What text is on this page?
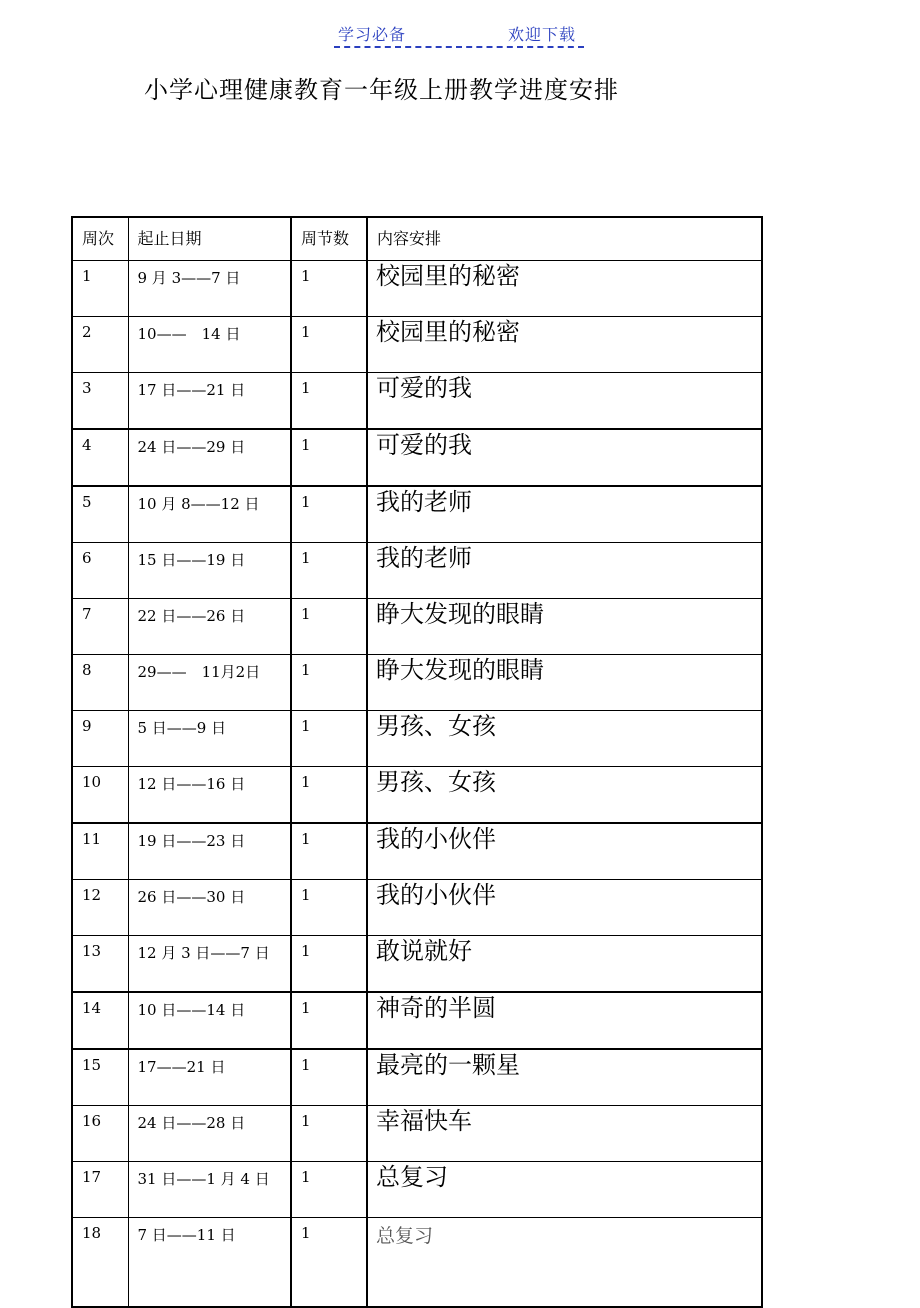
学习必备	欢迎下载
小学心理健康教育一年级上册教学进度安排
周次	起止日期	周节数	内容安排
1	9 月 3——7 日	1	校园里的秘密
2	10——　14 日	1	校园里的秘密
3	17 日——21 日	1	可爱的我
4	24 日——29 日	1	可爱的我
5	10 月 8——12 日	1	我的老师
6	15 日——19 日	1	我的老师
7	22 日——26 日	1	睁大发现的眼睛
8	29——　11月2日	1	睁大发现的眼睛
9	5 日——9 日	1	男孩、女孩
10	12 日——16 日	1	男孩、女孩
11	19 日——23 日	1	我的小伙伴
12	26 日——30 日	1	我的小伙伴
13	12 月 3 日——7 日	1	敢说就好
14	10 日——14 日	1	神奇的半圆
15	17——21 日	1	最亮的一颗星
16	24 日——28 日	1	幸福快车
17	31 日——1 月 4 日	1	总复习
18	7 日——11 日	1	总复习
